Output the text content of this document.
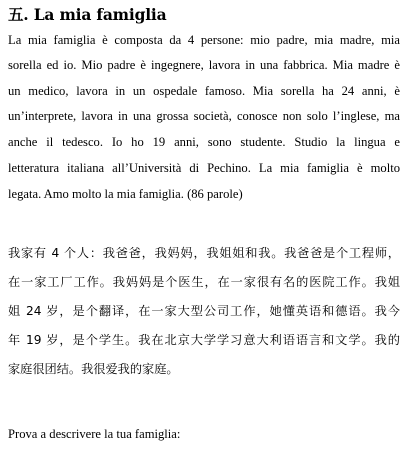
五. La mia famiglia
La mia famiglia è composta da 4 persone: mio padre, mia madre, mia
sorella ed io. Mio padre è ingegnere, lavora in una fabbrica. Mia madre è
un medico, lavora in un ospedale famoso. Mia sorella ha 24 anni, è
un’interprete, lavora in una grossa società, conosce non solo l’inglese, ma
anche il tedesco. Io ho 19 anni, sono studente. Studio la lingua e
letteratura italiana all’Università di Pechino. La mia famiglia è molto
legata. Amo molto la mia famiglia. (86 parole)
我家有 4 个人：我爸爸，我妈妈，我姐姐和我。我爸爸是个工程师，
在一家工厂工作。我妈妈是个医生，在一家很有名的医院工作。我姐
姐 24 岁，是个翻译，在一家大型公司工作，她懂英语和德语。我今
年 19 岁，是个学生。我在北京大学学习意大利语语言和文学。我的
家庭很团结。我很爱我的家庭。
Prova a descrivere la tua famiglia:
